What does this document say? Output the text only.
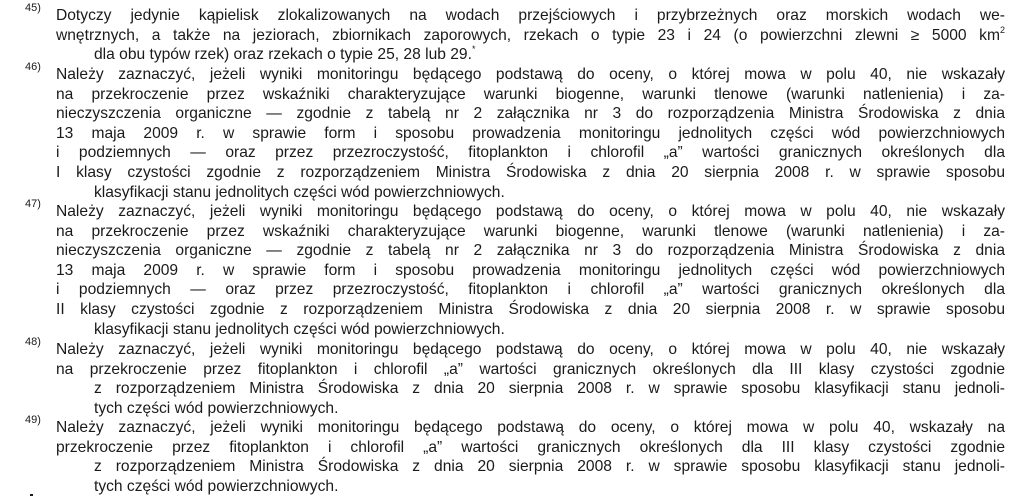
45) Dotyczy jedynie kąpielisk zlokalizowanych na wodach przejściowych i przybrzeżnych oraz morskich wodach we-
wnętrznych, a także na jeziorach, zbiornikach zaporowych, rzekach o typie 23 i 24 (o powierzchni zlewni ≥ 5000 $km^2$
dla obu typów rzek) oraz rzekach o typie 25, 28 lub 29.*
46) Należy zaznaczyć, jeżeli wyniki monitoringu będącego podstawą do oceny, o której mowa w polu 40, nie wskazały
na przekroczenie przez wskaźniki charakteryzujące warunki biogenne, warunki tlenowe (warunki natlenienia) i za-
nieczyszczenia organiczne — zgodnie z tabelą nr 2 załącznika nr 3 do rozporządzenia Ministra Środowiska z dnia
13 maja 2009 r. w sprawie form i sposobu prowadzenia monitoringu jednolitych części wód powierzchniowych
i podziemnych — oraz przez przezroczystość, fitoplankton i chlorofil „a” wartości granicznych określonych dla
I klasy czystości zgodnie z rozporządzeniem Ministra Środowiska z dnia 20 sierpnia 2008 r. w sprawie sposobu
klasyfikacji stanu jednolitych części wód powierzchniowych.
47) Należy zaznaczyć, jeżeli wyniki monitoringu będącego podstawą do oceny, o której mowa w polu 40, nie wskazały
na przekroczenie przez wskaźniki charakteryzujące warunki biogenne, warunki tlenowe (warunki natlenienia) i za-
nieczyszczenia organiczne — zgodnie z tabelą nr 2 załącznika nr 3 do rozporządzenia Ministra Środowiska z dnia
13 maja 2009 r. w sprawie form i sposobu prowadzenia monitoringu jednolitych części wód powierzchniowych
i podziemnych — oraz przez przezroczystość, fitoplankton i chlorofil „a” wartości granicznych określonych dla
II klasy czystości zgodnie z rozporządzeniem Ministra Środowiska z dnia 20 sierpnia 2008 r. w sprawie sposobu
klasyfikacji stanu jednolitych części wód powierzchniowych.
48) Należy zaznaczyć, jeżeli wyniki monitoringu będącego podstawą do oceny, o której mowa w polu 40, nie wskazały
na przekroczenie przez fitoplankton i chlorofil „a” wartości granicznych określonych dla III klasy czystości zgodnie
z rozporządzeniem Ministra Środowiska z dnia 20 sierpnia 2008 r. w sprawie sposobu klasyfikacji stanu jednoli-
tych części wód powierzchniowych.
49) Należy zaznaczyć, jeżeli wyniki monitoringu będącego podstawą do oceny, o której mowa w polu 40, wskazały na
przekroczenie przez fitoplankton i chlorofil „a” wartości granicznych określonych dla III klasy czystości zgodnie
z rozporządzeniem Ministra Środowiska z dnia 20 sierpnia 2008 r. w sprawie sposobu klasyfikacji stanu jednoli-
tych części wód powierzchniowych.
